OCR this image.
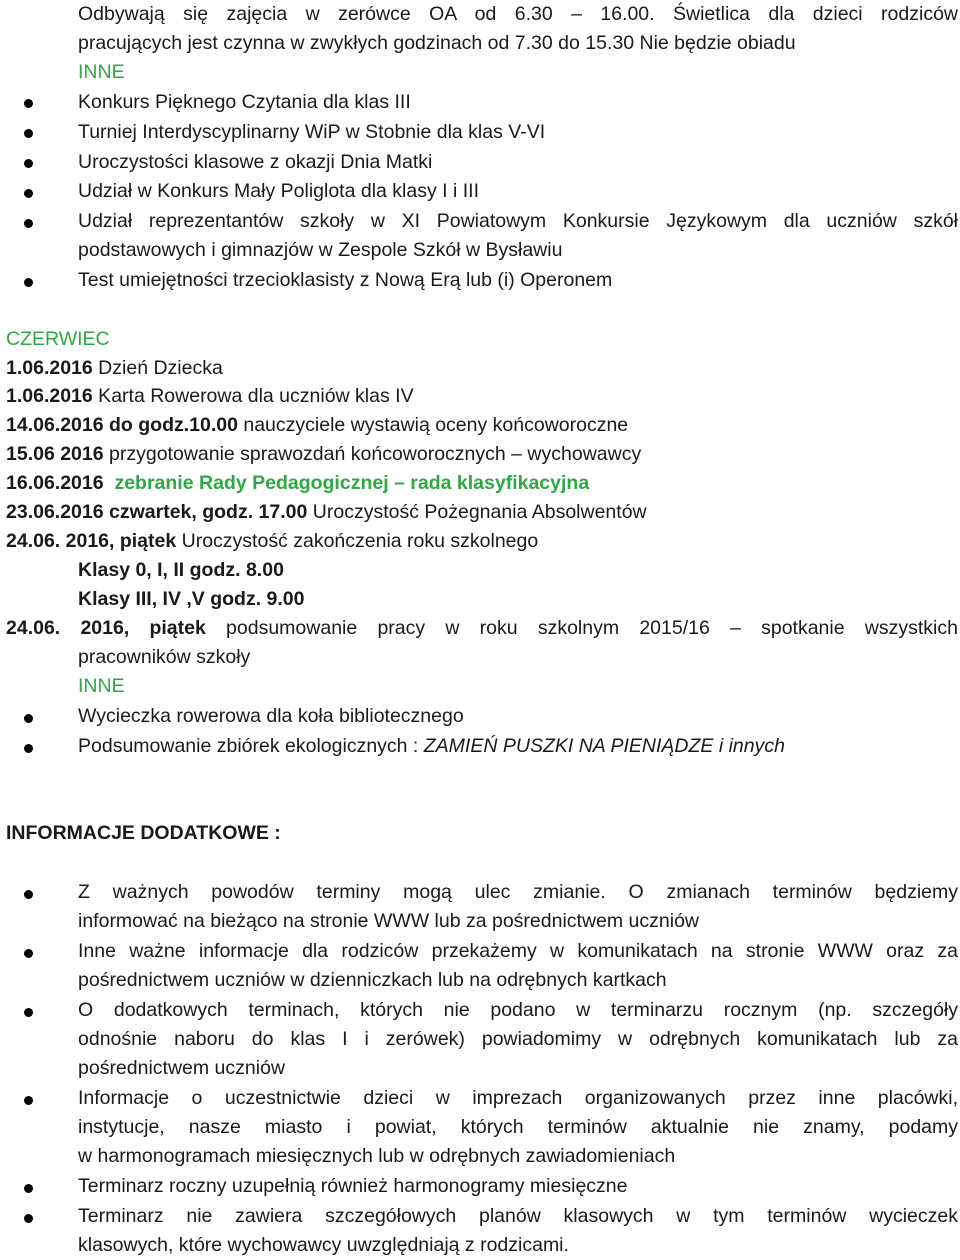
Odbywają się zajęcia w zerówce OA od 6.30 – 16.00. Świetlica dla dzieci rodziców
pracujących jest czynna w zwykłych godzinach od 7.30 do 15.30 Nie będzie obiadu
INNE
Konkurs Pięknego Czytania dla klas III
Turniej Interdyscyplinarny WiP w Stobnie dla klas V-VI
Uroczystości klasowe z okazji Dnia Matki
Udział w Konkurs Mały Poliglota dla klasy I i III
Udział reprezentantów szkoły w XI Powiatowym Konkursie Językowym dla uczniów szkół
podstawowych i gimnazjów w Zespole Szkół w Bysławiu
Test umiejętności trzecioklasisty z Nową Erą lub (i) Operonem
CZERWIEC
1.06.2016 Dzień Dziecka
1.06.2016 Karta Rowerowa dla uczniów klas IV
14.06.2016 do godz.10.00 nauczyciele wystawią oceny końcoworoczne
15.06 2016 przygotowanie sprawozdań końcoworocznych – wychowawcy
16.06.2016 zebranie Rady Pedagogicznej – rada klasyfikacyjna
23.06.2016 czwartek, godz. 17.00 Uroczystość Pożegnania Absolwentów
24.06. 2016, piątek Uroczystość zakończenia roku szkolnego
Klasy 0, I, II godz. 8.00
Klasy III, IV ,V godz. 9.00
24.06. 2016, piątek podsumowanie pracy w roku szkolnym 2015/16 – spotkanie wszystkich
pracowników szkoły
INNE
Wycieczka rowerowa dla koła bibliotecznego
Podsumowanie zbiórek ekologicznych : ZAMIEŃ PUSZKI NA PIENIĄDZE i innych
INFORMACJE DODATKOWE :
Z ważnych powodów terminy mogą ulec zmianie. O zmianach terminów będziemy
informować na bieżąco na stronie WWW lub za pośrednictwem uczniów
Inne ważne informacje dla rodziców przekażemy w komunikatach na stronie WWW oraz za
pośrednictwem uczniów w dzienniczkach lub na odrębnych kartkach
O dodatkowych terminach, których nie podano w terminarzu rocznym (np. szczegóły
odnośnie naboru do klas I i zerówek) powiadomimy w odrębnych komunikatach lub za
pośrednictwem uczniów
Informacje o uczestnictwie dzieci w imprezach organizowanych przez inne placówki,
instytucje, nasze miasto i powiat, których terminów aktualnie nie znamy, podamy
w harmonogramach miesięcznych lub w odrębnych zawiadomieniach
Terminarz roczny uzupełnią również harmonogramy miesięczne
Terminarz nie zawiera szczegółowych planów klasowych w tym terminów wycieczek
klasowych, które wychowawcy uwzględniają z rodzicami.
